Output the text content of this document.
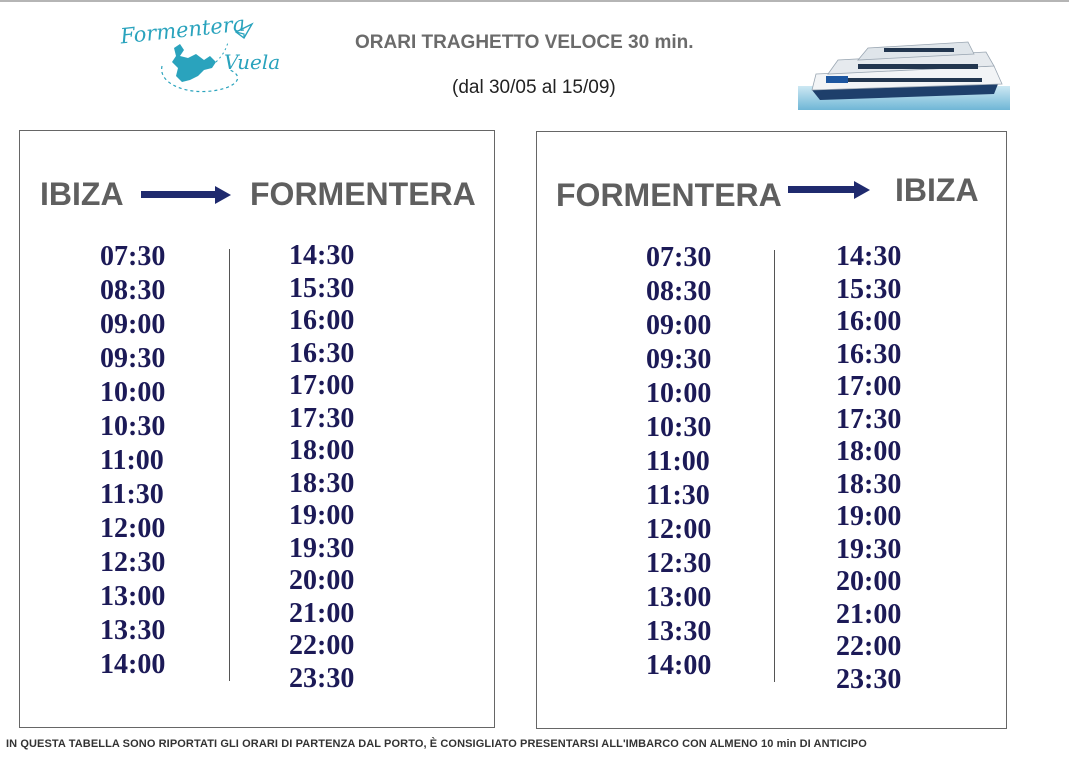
Formentera
Vuela
ORARI TRAGHETTO VELOCE 30 min.
(dal 30/05 al 15/09)
IBIZA	FORMENTERA
07:30
08:30
09:00
09:30
10:00
10:30
11:00
11:30
12:00
12:30
13:00
13:30
14:00
14:30
15:30
16:00
16:30
17:00
17:30
18:00
18:30
19:00
19:30
20:00
21:00
22:00
23:30
FORMENTERA	IBIZA
07:30
08:30
09:00
09:30
10:00
10:30
11:00
11:30
12:00
12:30
13:00
13:30
14:00
14:30
15:30
16:00
16:30
17:00
17:30
18:00
18:30
19:00
19:30
20:00
21:00
22:00
23:30
IN QUESTA TABELLA SONO RIPORTATI GLI ORARI DI PARTENZA DAL PORTO, È CONSIGLIATO PRESENTARSI ALL'IMBARCO CON ALMENO 10 min DI ANTICIPO
